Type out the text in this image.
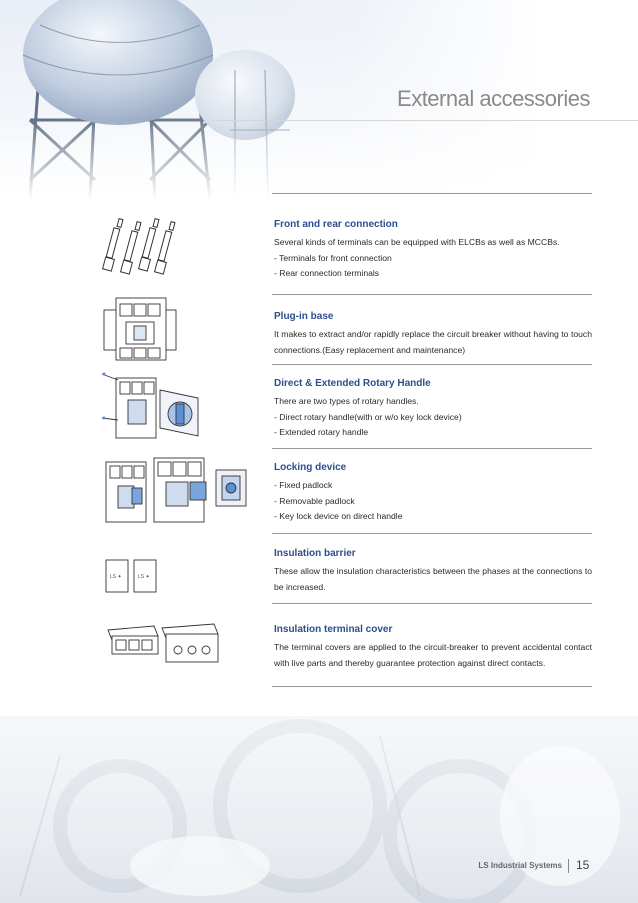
External accessories
Front and rear connection

Several kinds of terminals can be equipped with ELCBs as well as MCCBs.

- Terminals for front connection

- Rear connection terminals

Plug-in base

It makes to extract and/or rapidly replace the circuit breaker without having to touch connections.(Easy replacement and maintenance)

Direct & Extended Rotary Handle

There are two types of rotary handles.

- Direct rotary handle(with or w/o key lock device)

- Extended rotary handle

Locking device

- Fixed padlock

- Removable padlock

- Key lock device on direct handle

Insulation barrier

These allow the insulation characteristics between the phases at the connections to be increased.

Insulation terminal cover

The terminal covers are applied to the circuit-breaker to prevent accidental contact with live parts and thereby guarantee protection against direct contacts.

LS ✦	LS ✦
LS Industrial Systems 15
